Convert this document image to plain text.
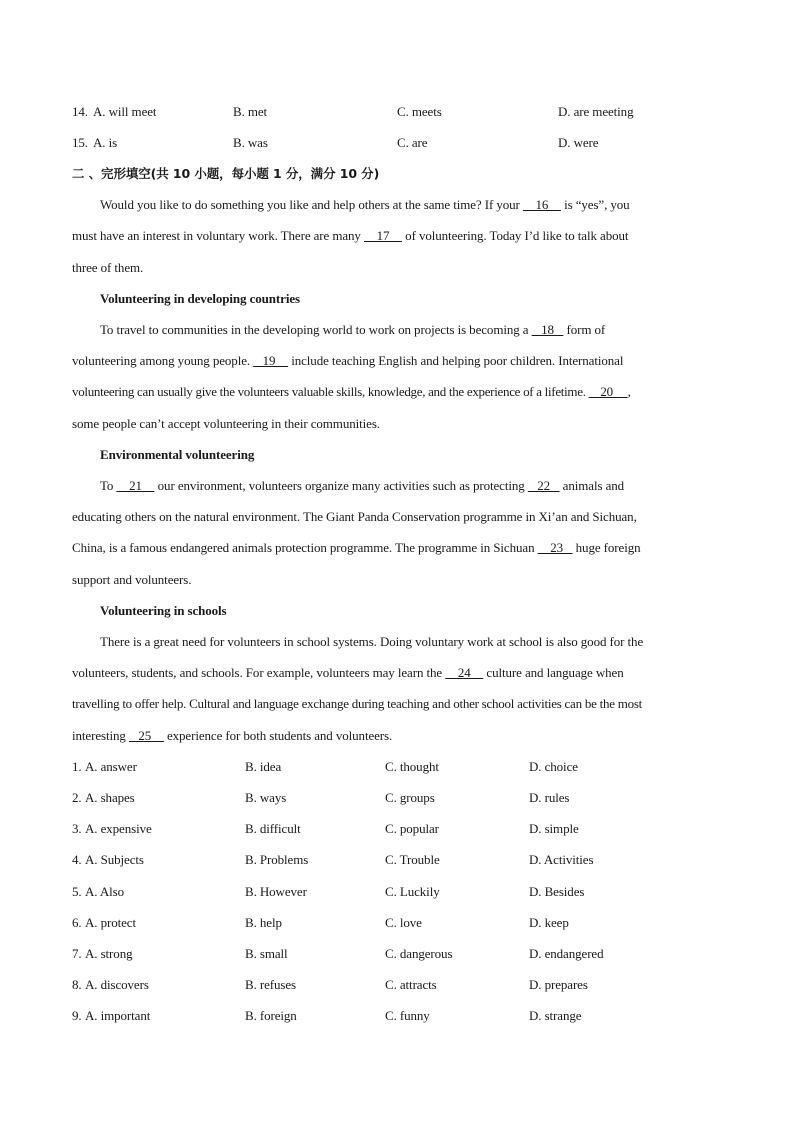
14. A. will meet	B. met	C. meets	D. are meeting
15. A. is	B. was	C. are	D. were
二 、完形填空(共 10 小题，每小题 1 分，满分 10 分)
Would you like to do something you like and help others at the same time? If your     16     is “yes”, you
must have an interest in voluntary work. There are many     17     of volunteering. Today I’d like to talk about
three of them.
Volunteering in developing countries
To travel to communities in the developing world to work on projects is becoming a    18    form of
volunteering among young people.    19     include teaching English and helping poor children. International
volunteering can usually give the volunteers valuable skills, knowledge, and the experience of a lifetime.     20     ,
some people can’t accept volunteering in their communities.
Environmental volunteering
To     21     our environment, volunteers organize many activities such as protecting    22    animals and
educating others on the natural environment. The Giant Panda Conservation programme in Xi’an and Sichuan,
China, is a famous endangered animals protection programme. The programme in Sichuan     23    huge foreign
support and volunteers.
Volunteering in schools
There is a great need for volunteers in school systems. Doing voluntary work at school is also good for the
volunteers, students, and schools. For example, volunteers may learn the     24     culture and language when
travelling to offer help. Cultural and language exchange during teaching and other school activities can be the most
interesting    25     experience for both students and volunteers.
1. A. answer	B. idea	C. thought	D. choice
2. A. shapes	B. ways	C. groups	D. rules
3. A. expensive	B. difficult	C. popular	D. simple
4. A. Subjects	B. Problems	C. Trouble	D. Activities
5. A. Also	B. However	C. Luckily	D. Besides
6. A. protect	B. help	C. love	D. keep
7. A. strong	B. small	C. dangerous	D. endangered
8. A. discovers	B. refuses	C. attracts	D. prepares
9. A. important	B. foreign	C. funny	D. strange
